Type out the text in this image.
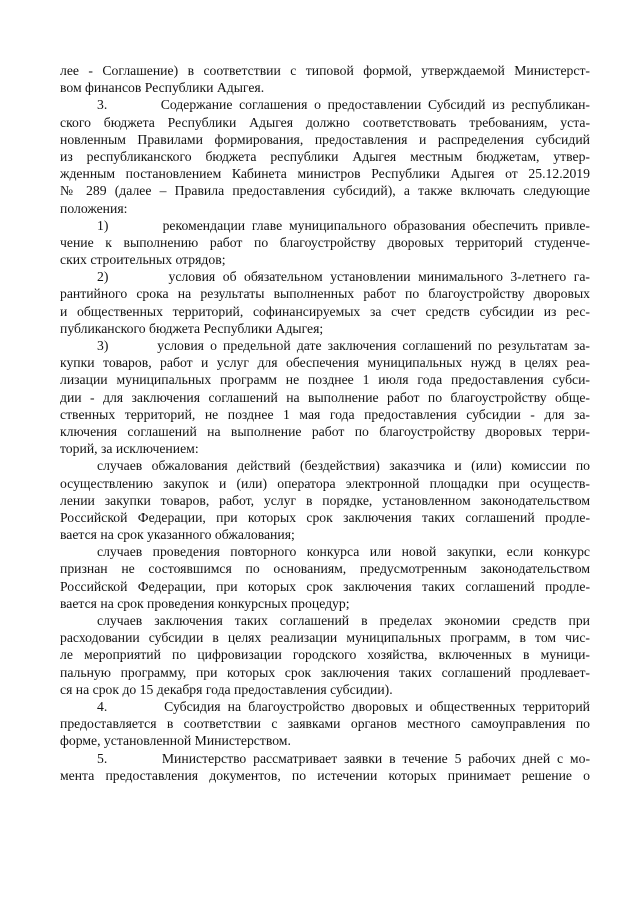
лее - Соглашение) в соответствии с типовой формой, утверждаемой Министерст-
вом финансов Республики Адыгея.
3.        Содержание соглашения о предоставлении Субсидий из республикан-
ского бюджета Республики Адыгея должно соответствовать требованиям, уста-
новленным Правилами формирования, предоставления и распределения субсидий
из республиканского бюджета республики Адыгея местным бюджетам, утвер-
жденным постановлением Кабинета министров Республики Адыгея от 25.12.2019
№ 289 (далее – Правила предоставления субсидий), а также включать следующие
положения:
1)        рекомендации главе муниципального образования обеспечить привле-
чение к выполнению работ по благоустройству дворовых территорий студенче-
ских строительных отрядов;
2)        условия об обязательном установлении минимального 3-летнего га-
рантийного срока на результаты выполненных работ по благоустройству дворовых
и общественных территорий, софинансируемых за счет средств субсидии из рес-
публиканского бюджета Республики Адыгея;
3)        условия о предельной дате заключения соглашений по результатам за-
купки товаров, работ и услуг для обеспечения муниципальных нужд в целях реа-
лизации муниципальных программ не позднее 1 июля года предоставления субси-
дии - для заключения соглашений на выполнение работ по благоустройству обще-
ственных территорий, не позднее 1 мая года предоставления субсидии - для за-
ключения соглашений на выполнение работ по благоустройству дворовых терри-
торий, за исключением:
случаев обжалования действий (бездействия) заказчика и (или) комиссии по
осуществлению закупок и (или) оператора электронной площадки при осуществ-
лении закупки товаров, работ, услуг в порядке, установленном законодательством
Российской Федерации, при которых срок заключения таких соглашений продле-
вается на срок указанного обжалования;
случаев проведения повторного конкурса или новой закупки, если конкурс
признан не состоявшимся по основаниям, предусмотренным законодательством
Российской Федерации, при которых срок заключения таких соглашений продле-
вается на срок проведения конкурсных процедур;
случаев заключения таких соглашений в пределах экономии средств при
расходовании субсидии в целях реализации муниципальных программ, в том чис-
ле мероприятий по цифровизации городского хозяйства, включенных в муници-
пальную программу, при которых срок заключения таких соглашений продлевает-
ся на срок до 15 декабря года предоставления субсидии).
4.        Субсидия на благоустройство дворовых и общественных территорий
предоставляется в соответствии с заявками органов местного самоуправления по
форме, установленной Министерством.
5.        Министерство рассматривает заявки в течение 5 рабочих дней с мо-
мента предоставления документов, по истечении которых принимает решение о
